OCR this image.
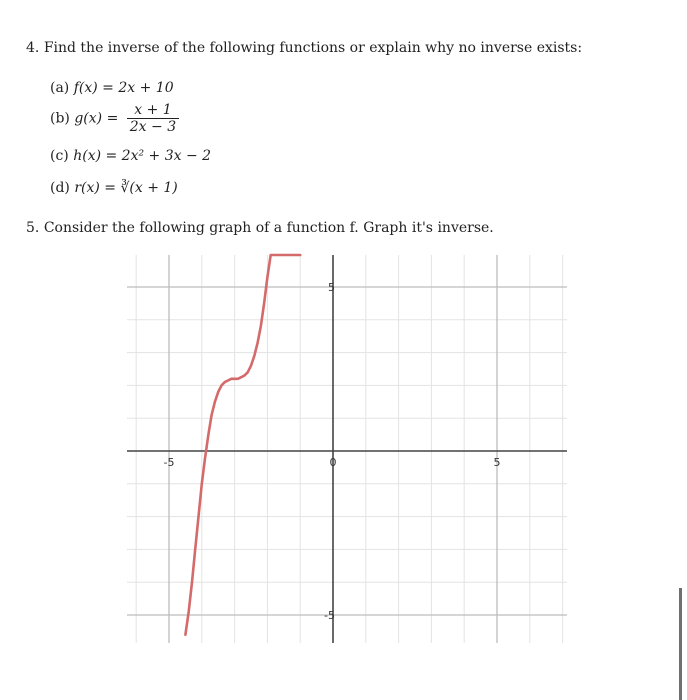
4. Find the inverse of the following functions or explain why no inverse exists:
(a) f(x) = 2x + 10
(b) $g(x) = \frac{x + 1}{2x - 3}$
(c) h(x) = 2x² + 3x − 2
(d) r(x) = ∛(x + 1)
5. Consider the following graph of a function f. Graph it's inverse.
-5	0	5
5
-5
